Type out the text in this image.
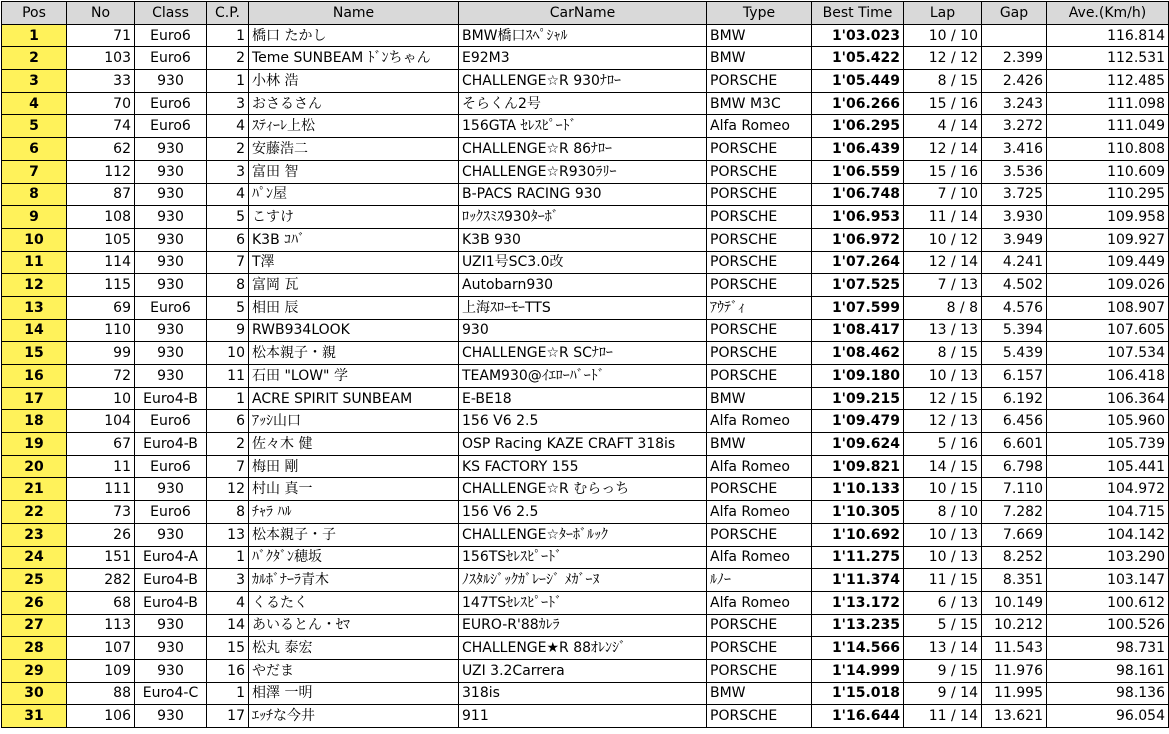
Pos	No	Class	C.P.	Name	CarName	Type	Best Time	Lap	Gap	Ave.(Km/h)
1	71	Euro6	1	橋口 たかし	BMW橋口ｽﾍﾟｼｬﾙ	BMW	1'03.023	10 / 10		116.814
2	103	Euro6	2	Teme SUNBEAM ﾄﾞﾝちゃん	E92M3	BMW	1'05.422	12 / 12	2.399	112.531
3	33	930	1	小林 浩	CHALLENGE☆R 930ﾅﾛｰ	PORSCHE	1'05.449	8 / 15	2.426	112.485
4	70	Euro6	3	おさるさん	そらくん2号	BMW M3C	1'06.266	15 / 16	3.243	111.098
5	74	Euro6	4	ｽﾃｨｰﾚ上松	156GTA ｾﾚｽﾋﾟｰﾄﾞ	Alfa Romeo	1'06.295	4 / 14	3.272	111.049
6	62	930	2	安藤浩二	CHALLENGE☆R 86ﾅﾛｰ	PORSCHE	1'06.439	12 / 14	3.416	110.808
7	112	930	3	富田 智	CHALLENGE☆R930ﾗﾘｰ	PORSCHE	1'06.559	15 / 16	3.536	110.609
8	87	930	4	ﾊﾟﾝ屋	B-PACS RACING 930	PORSCHE	1'06.748	7 / 10	3.725	110.295
9	108	930	5	こすけ	ﾛｯｸｽﾐｽ930ﾀｰﾎﾞ	PORSCHE	1'06.953	11 / 14	3.930	109.958
10	105	930	6	K3B ｺﾊﾞ	K3B 930	PORSCHE	1'06.972	10 / 12	3.949	109.927
11	114	930	7	T澤	UZI1号SC3.0改	PORSCHE	1'07.264	12 / 14	4.241	109.449
12	115	930	8	富岡 瓦	Autobarn930	PORSCHE	1'07.525	7 / 13	4.502	109.026
13	69	Euro6	5	相田 辰	上海ｽﾛｰﾓｰTTS	ｱｳﾃﾞｨ	1'07.599	8 / 8	4.576	108.907
14	110	930	9	RWB934LOOK	930	PORSCHE	1'08.417	13 / 13	5.394	107.605
15	99	930	10	松本親子・親	CHALLENGE☆R SCﾅﾛｰ	PORSCHE	1'08.462	8 / 15	5.439	107.534
16	72	930	11	石田 "LOW" 学	TEAM930@ｲｴﾛｰﾊﾞｰﾄﾞ	PORSCHE	1'09.180	10 / 13	6.157	106.418
17	10	Euro4-B	1	ACRE SPIRIT SUNBEAM	E-BE18	BMW	1'09.215	12 / 15	6.192	106.364
18	104	Euro6	6	ｱｯｼ山口	156 V6 2.5	Alfa Romeo	1'09.479	12 / 13	6.456	105.960
19	67	Euro4-B	2	佐々木 健	OSP Racing KAZE CRAFT 318is	BMW	1'09.624	5 / 16	6.601	105.739
20	11	Euro6	7	梅田 剛	KS FACTORY 155	Alfa Romeo	1'09.821	14 / 15	6.798	105.441
21	111	930	12	村山 真一	CHALLENGE☆R むらっち	PORSCHE	1'10.133	10 / 15	7.110	104.972
22	73	Euro6	8	ﾁｬﾗ ﾊﾙ	156 V6 2.5	Alfa Romeo	1'10.305	8 / 10	7.282	104.715
23	26	930	13	松本親子・子	CHALLENGE☆ﾀｰﾎﾞﾙｯｸ	PORSCHE	1'10.692	10 / 13	7.669	104.142
24	151	Euro4-A	1	ﾊﾞｸﾀﾞﾝ穂坂	156TSｾﾚｽﾋﾟｰﾄﾞ	Alfa Romeo	1'11.275	10 / 13	8.252	103.290
25	282	Euro4-B	3	ｶﾙﾎﾞﾅｰﾗ青木	ﾉｽﾀﾙｼﾞｯｸｶﾞﾚｰｼﾞ ﾒｶﾞｰﾇ	ﾙﾉｰ	1'11.374	11 / 15	8.351	103.147
26	68	Euro4-B	4	くるたく	147TSｾﾚｽﾋﾟｰﾄﾞ	Alfa Romeo	1'13.172	6 / 13	10.149	100.612
27	113	930	14	あいるとん・ｾﾏ	EURO-R'88ｶﾚﾗ	PORSCHE	1'13.235	5 / 15	10.212	100.526
28	107	930	15	松丸 泰宏	CHALLENGE★R 88ｵﾚﾝｼﾞ	PORSCHE	1'14.566	13 / 14	11.543	98.731
29	109	930	16	やだま	UZI 3.2Carrera	PORSCHE	1'14.999	9 / 15	11.976	98.161
30	88	Euro4-C	1	相澤 一明	318is	BMW	1'15.018	9 / 14	11.995	98.136
31	106	930	17	ｴｯﾁな今井	911	PORSCHE	1'16.644	11 / 14	13.621	96.054
